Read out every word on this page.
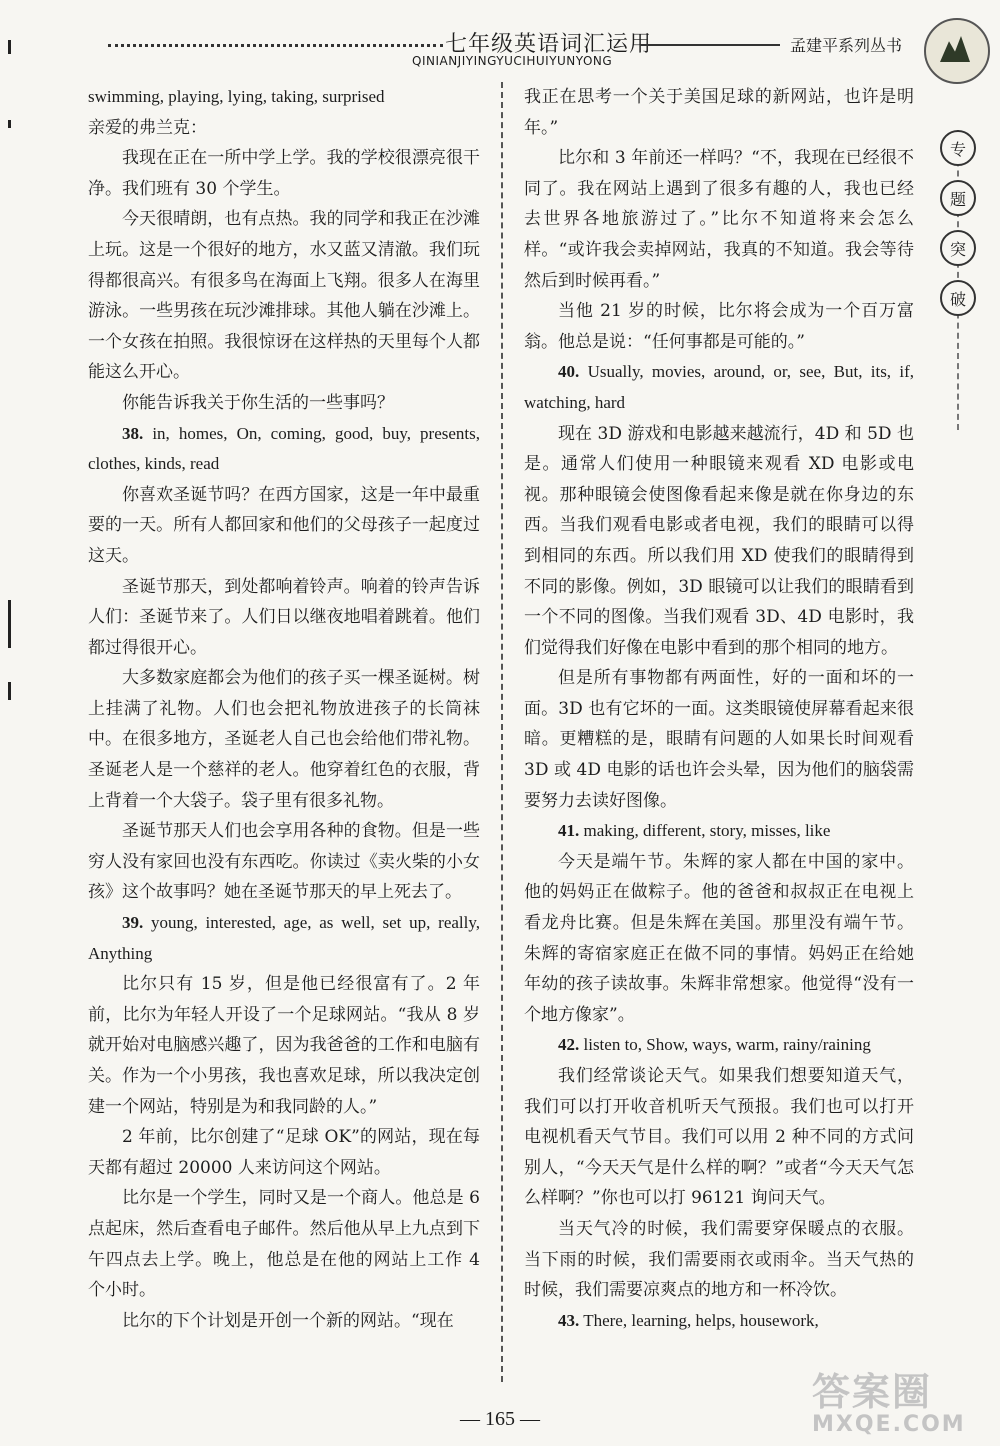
七年级英语词汇运用
QINIANJIYINGYUCIHUIYUNYONG
孟建平系列丛书

swimming, playing, lying, taking, surprised

亲爱的弗兰克：

我现在正在一所中学上学。我的学校很漂亮很干净。我们班有 30 个学生。

今天很晴朗，也有点热。我的同学和我正在沙滩上玩。这是一个很好的地方，水又蓝又清澈。我们玩得都很高兴。有很多鸟在海面上飞翔。很多人在海里游泳。一些男孩在玩沙滩排球。其他人躺在沙滩上。一个女孩在拍照。我很惊讶在这样热的天里每个人都能这么开心。

你能告诉我关于你生活的一些事吗？

38. in, homes, On, coming, good, buy, presents, clothes, kinds, read

你喜欢圣诞节吗？在西方国家，这是一年中最重要的一天。所有人都回家和他们的父母孩子一起度过这天。

圣诞节那天，到处都响着铃声。响着的铃声告诉人们：圣诞节来了。人们日以继夜地唱着跳着。他们都过得很开心。

大多数家庭都会为他们的孩子买一棵圣诞树。树上挂满了礼物。人们也会把礼物放进孩子的长筒袜中。在很多地方，圣诞老人自己也会给他们带礼物。圣诞老人是一个慈祥的老人。他穿着红色的衣服，背上背着一个大袋子。袋子里有很多礼物。

圣诞节那天人们也会享用各种的食物。但是一些穷人没有家回也没有东西吃。你读过《卖火柴的小女孩》这个故事吗？她在圣诞节那天的早上死去了。

39. young, interested, age, as well, set up, really, Anything

比尔只有 15 岁，但是他已经很富有了。2 年前，比尔为年轻人开设了一个足球网站。“我从 8 岁就开始对电脑感兴趣了，因为我爸爸的工作和电脑有关。作为一个小男孩，我也喜欢足球，所以我决定创建一个网站，特别是为和我同龄的人。”

2 年前，比尔创建了“足球 OK”的网站，现在每天都有超过 20000 人来访问这个网站。

比尔是一个学生，同时又是一个商人。他总是 6 点起床，然后查看电子邮件。然后他从早上九点到下午四点去上学。晚上，他总是在他的网站上工作 4 个小时。

比尔的下个计划是开创一个新的网站。“现在

我正在思考一个关于美国足球的新网站，也许是明年。”

比尔和 3 年前还一样吗？“不，我现在已经很不同了。我在网站上遇到了很多有趣的人，我也已经去世界各地旅游过了。”比尔不知道将来会怎么样。“或许我会卖掉网站，我真的不知道。我会等待然后到时候再看。”

当他 21 岁的时候，比尔将会成为一个百万富翁。他总是说：“任何事都是可能的。”

40. Usually, movies, around, or, see, But, its, if, watching, hard

现在 3D 游戏和电影越来越流行，4D 和 5D 也是。通常人们使用一种眼镜来观看 XD 电影或电视。那种眼镜会使图像看起来像是就在你身边的东西。当我们观看电影或者电视，我们的眼睛可以得到相同的东西。所以我们用 XD 使我们的眼睛得到不同的影像。例如，3D 眼镜可以让我们的眼睛看到一个不同的图像。当我们观看 3D、4D 电影时，我们觉得我们好像在电影中看到的那个相同的地方。

但是所有事物都有两面性，好的一面和坏的一面。3D 也有它坏的一面。这类眼镜使屏幕看起来很暗。更糟糕的是，眼睛有问题的人如果长时间观看 3D 或 4D 电影的话也许会头晕，因为他们的脑袋需要努力去读好图像。

41. making, different, story, misses, like

今天是端午节。朱辉的家人都在中国的家中。他的妈妈正在做粽子。他的爸爸和叔叔正在电视上看龙舟比赛。但是朱辉在美国。那里没有端午节。朱辉的寄宿家庭正在做不同的事情。妈妈正在给她年幼的孩子读故事。朱辉非常想家。他觉得“没有一个地方像家”。

42. listen to, Show, ways, warm, rainy/raining

我们经常谈论天气。如果我们想要知道天气，我们可以打开收音机听天气预报。我们也可以打开电视机看天气节目。我们可以用 2 种不同的方式问别人，“今天天气是什么样的啊？”或者“今天天气怎么样啊？”你也可以打 96121 询问天气。

当天气冷的时候，我们需要穿保暖点的衣服。当下雨的时候，我们需要雨衣或雨伞。当天气热的时候，我们需要凉爽点的地方和一杯冷饮。

43. There, learning, helps, housework,

专
题
突
破
— 165 —
答案圈
MXQE.COM
